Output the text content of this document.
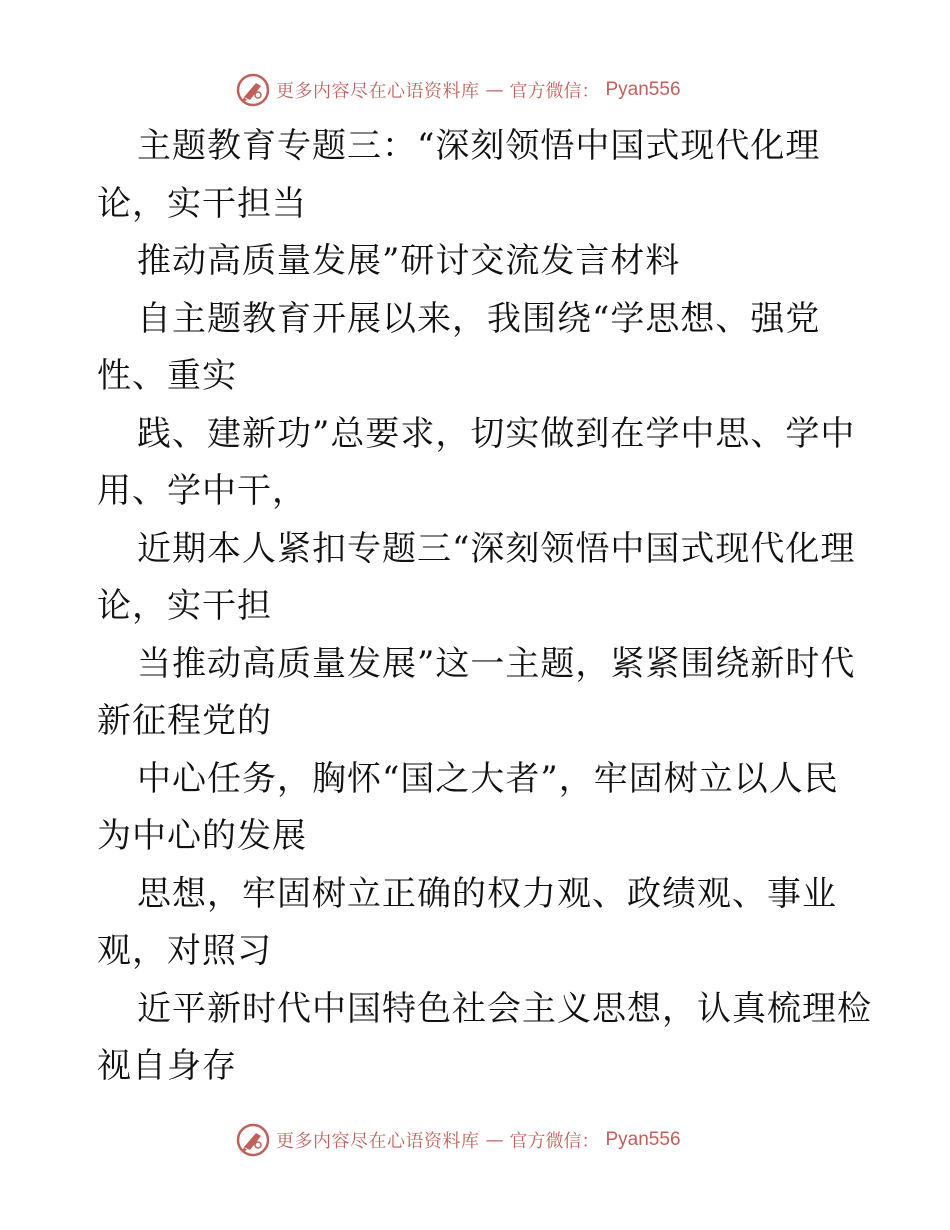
更多内容尽在心语资料库 — 官方微信： Pyan556
主题教育专题三：“深刻领悟中国式现代化理
论，实干担当
推动高质量发展”研讨交流发言材料
自主题教育开展以来，我围绕“学思想、强党
性、重实
践、建新功”总要求，切实做到在学中思、学中
用、学中干，
近期本人紧扣专题三“深刻领悟中国式现代化理
论，实干担
当推动高质量发展”这一主题，紧紧围绕新时代
新征程党的
中心任务，胸怀“国之大者”，牢固树立以人民
为中心的发展
思想，牢固树立正确的权力观、政绩观、事业
观，对照习
近平新时代中国特色社会主义思想，认真梳理检
视自身存
更多内容尽在心语资料库 — 官方微信： Pyan556
